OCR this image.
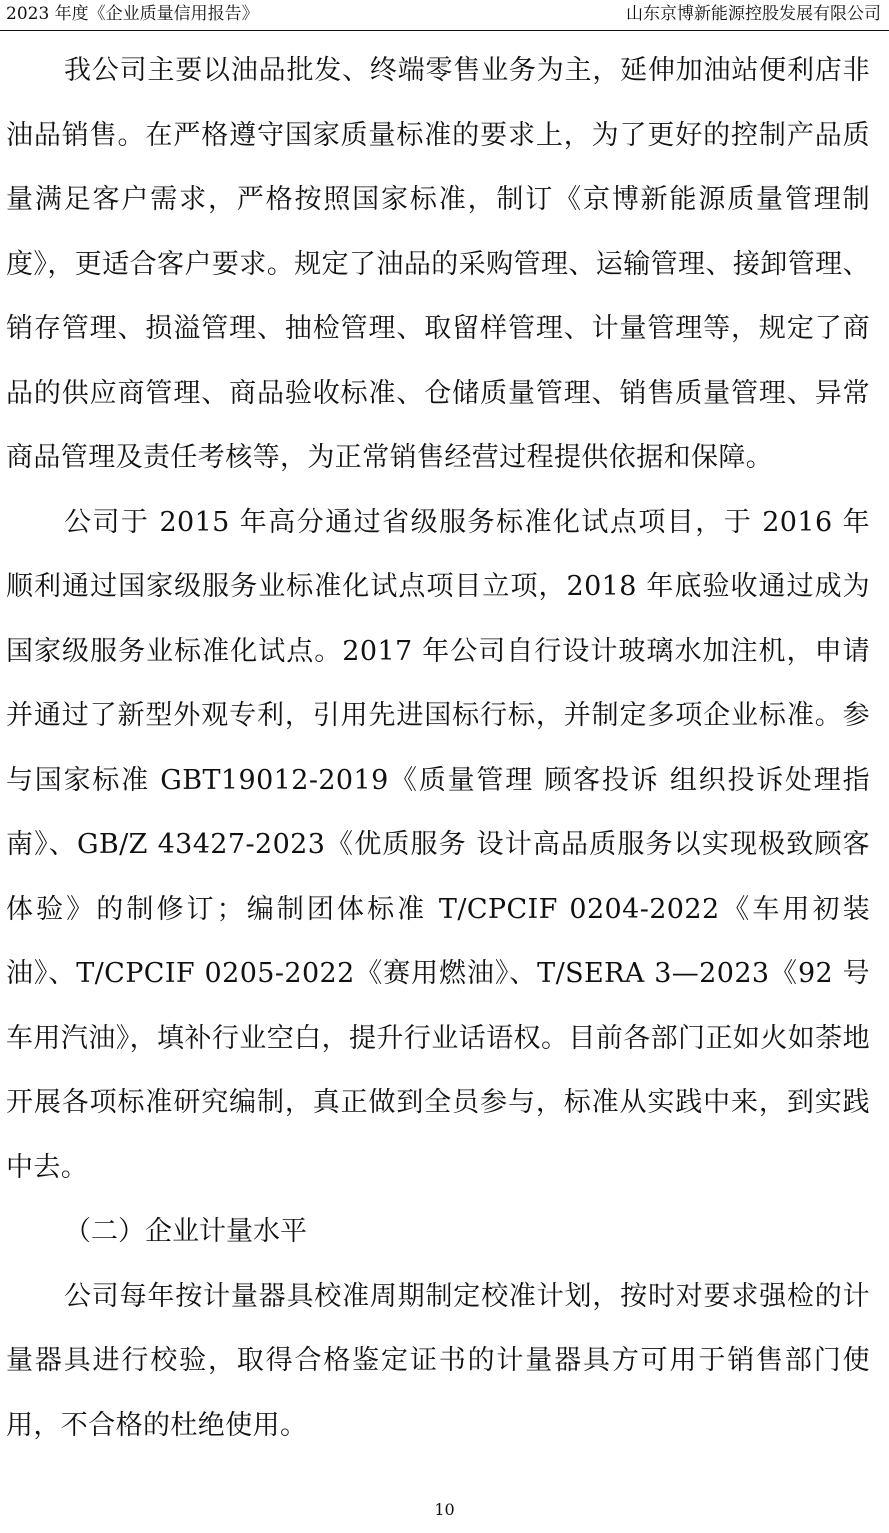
2023 年度《企业质量信用报告》	山东京博新能源控股发展有限公司

我公司主要以油品批发、终端零售业务为主，延伸加油站便利店非油品销售。在严格遵守国家质量标准的要求上，为了更好的控制产品质量满足客户需求，严格按照国家标准，制订《京博新能源质量管理制度》，更适合客户要求。规定了油品的采购管理、运输管理、接卸管理、销存管理、损溢管理、抽检管理、取留样管理、计量管理等，规定了商品的供应商管理、商品验收标准、仓储质量管理、销售质量管理、异常商品管理及责任考核等，为正常销售经营过程提供依据和保障。

公司于 2015 年高分通过省级服务标准化试点项目，于 2016 年顺利通过国家级服务业标准化试点项目立项，2018 年底验收通过成为国家级服务业标准化试点。2017 年公司自行设计玻璃水加注机，申请并通过了新型外观专利，引用先进国标行标，并制定多项企业标准。参与国家标准 GBT19012-2019《质量管理 顾客投诉 组织投诉处理指南》、GB/Z 43427-2023《优质服务 设计高品质服务以实现极致顾客体验》的制修订；编制团体标准 T/CPCIF 0204-2022《车用初装油》、T/CPCIF 0205-2022《赛用燃油》、T/SERA 3—2023《92 号车用汽油》，填补行业空白，提升行业话语权。目前各部门正如火如荼地开展各项标准研究编制，真正做到全员参与，标准从实践中来，到实践中去。

（二）企业计量水平

公司每年按计量器具校准周期制定校准计划，按时对要求强检的计量器具进行校验，取得合格鉴定证书的计量器具方可用于销售部门使用，不合格的杜绝使用。

10
